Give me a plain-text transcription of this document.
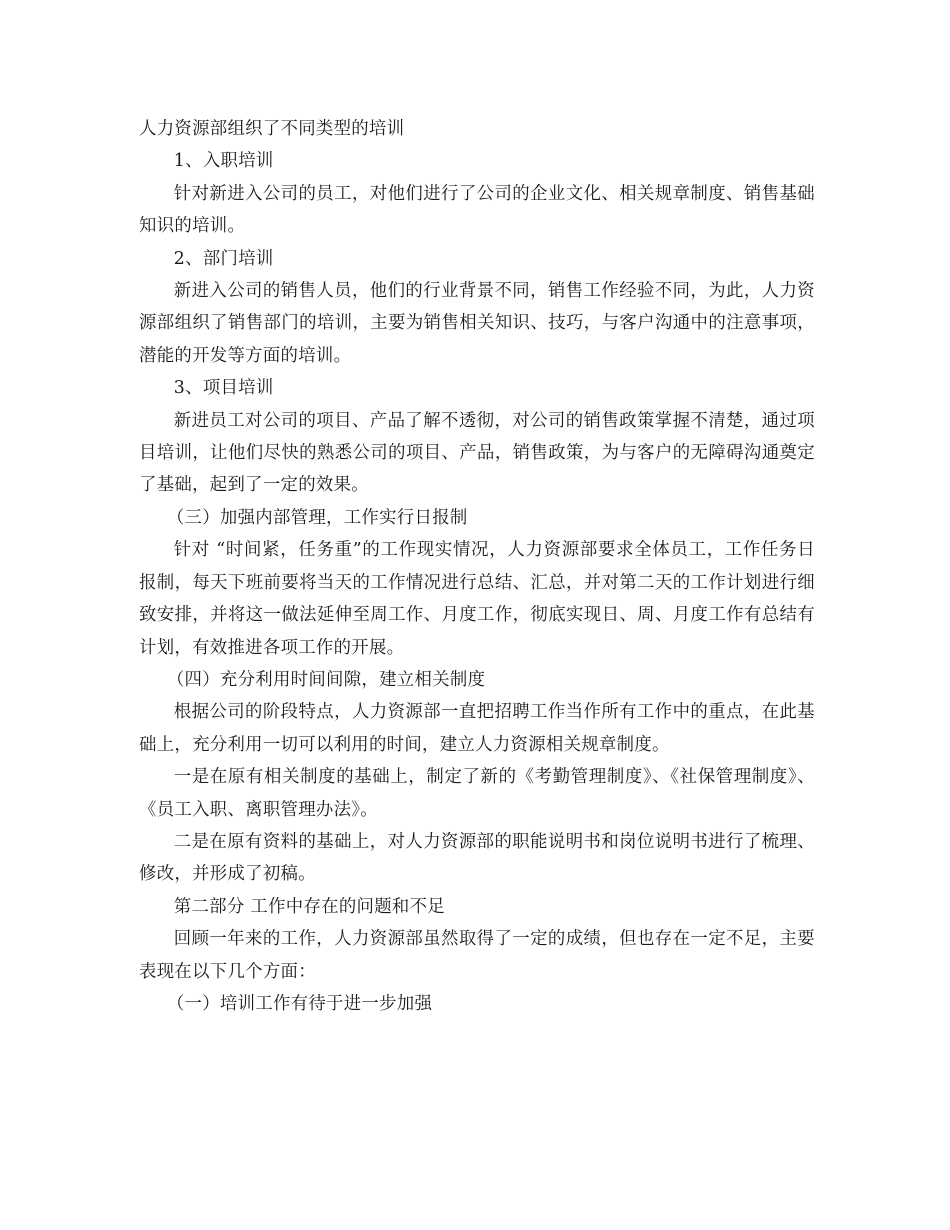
人力资源部组织了不同类型的培训

1、入职培训

针对新进入公司的员工，对他们进行了公司的企业文化、相关规章制度、销售基础知识的培训。

2、部门培训

新进入公司的销售人员，他们的行业背景不同，销售工作经验不同，为此，人力资源部组织了销售部门的培训，主要为销售相关知识、技巧，与客户沟通中的注意事项，潜能的开发等方面的培训。

3、项目培训

新进员工对公司的项目、产品了解不透彻，对公司的销售政策掌握不清楚，通过项目培训，让他们尽快的熟悉公司的项目、产品，销售政策，为与客户的无障碍沟通奠定了基础，起到了一定的效果。

（三）加强内部管理，工作实行日报制

针对 “时间紧，任务重”的工作现实情况，人力资源部要求全体员工，工作任务日报制，每天下班前要将当天的工作情况进行总结、汇总，并对第二天的工作计划进行细致安排，并将这一做法延伸至周工作、月度工作，彻底实现日、周、月度工作有总结有计划，有效推进各项工作的开展。

（四）充分利用时间间隙，建立相关制度

根据公司的阶段特点，人力资源部一直把招聘工作当作所有工作中的重点，在此基础上，充分利用一切可以利用的时间，建立人力资源相关规章制度。

一是在原有相关制度的基础上，制定了新的《考勤管理制度》、《社保管理制度》、《员工入职、离职管理办法》。

二是在原有资料的基础上，对人力资源部的职能说明书和岗位说明书进行了梳理、修改，并形成了初稿。

第二部分 工作中存在的问题和不足

回顾一年来的工作，人力资源部虽然取得了一定的成绩，但也存在一定不足，主要表现在以下几个方面：

（一）培训工作有待于进一步加强
